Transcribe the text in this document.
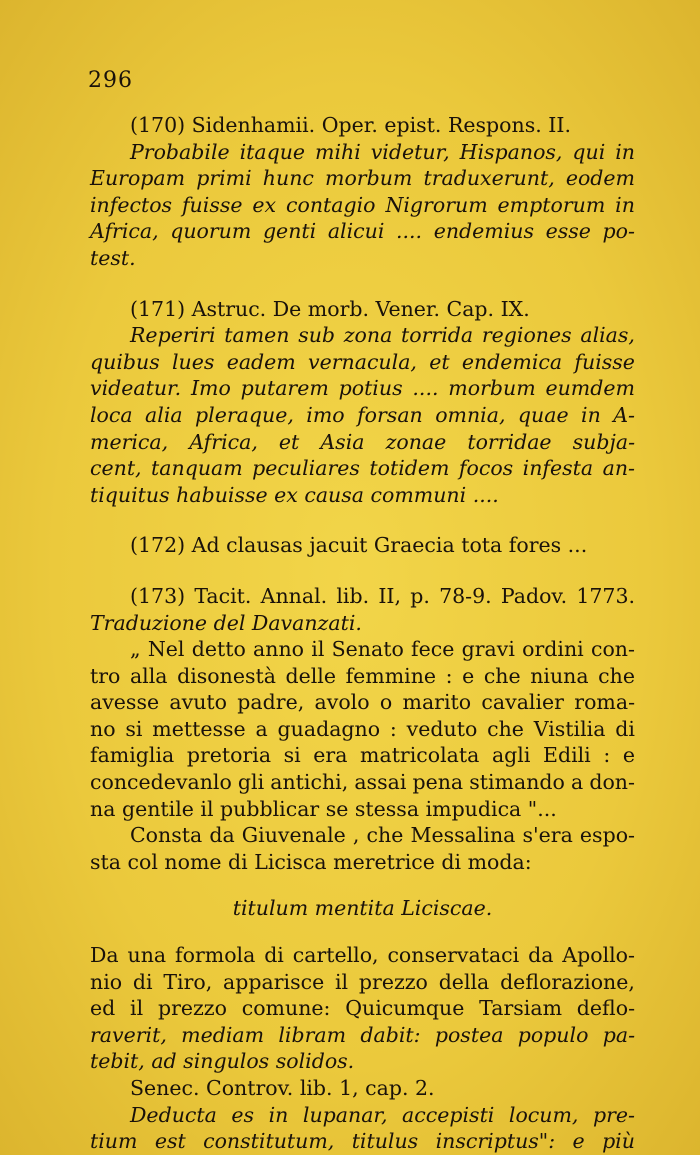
296
(170) Sidenhamii. Oper. epist. Respons. II.
Probabile itaque mihi videtur, Hispanos, qui in
Europam primi hunc morbum traduxerunt, eodem
infectos fuisse ex contagio Nigrorum emptorum in
Africa, quorum genti alicui .... endemius esse po-
test.
(171) Astruc. De morb. Vener. Cap. IX.
Reperiri tamen sub zona torrida regiones alias,
quibus lues eadem vernacula, et endemica fuisse
videatur. Imo putarem potius .... morbum eumdem
loca alia pleraque, imo forsan omnia, quae in A-
merica, Africa, et Asia zonae torridae subja-
cent, tanquam peculiares totidem focos infesta an-
tiquitus habuisse ex causa communi ....
(172) Ad clausas jacuit Graecia tota fores ...
(173) Tacit. Annal. lib. II, p. 78-9. Padov. 1773.
Traduzione del Davanzati.
„ Nel detto anno il Senato fece gravi ordini con-
tro alla disonestà delle femmine : e che niuna che
avesse avuto padre, avolo o marito cavalier roma-
no si mettesse a guadagno : veduto che Vistilia di
famiglia pretoria si era matricolata agli Edili : e
concedevanlo gli antichi, assai pena stimando a don-
na gentile il pubblicar se stessa impudica "...
Consta da Giuvenale , che Messalina s'era espo-
sta col nome di Licisca meretrice di moda:
titulum mentita Liciscae.
Da una formola di cartello, conservataci da Apollo-
nio di Tiro, apparisce il prezzo della deflorazione,
ed il prezzo comune: Quicumque Tarsiam deflo-
raverit, mediam libram dabit: postea populo pa-
tebit, ad singulos solidos.
Senec. Controv. lib. 1, cap. 2.
Deducta es in lupanar, accepisti locum, pre-
tium est constitutum, titulus inscriptus": e più
